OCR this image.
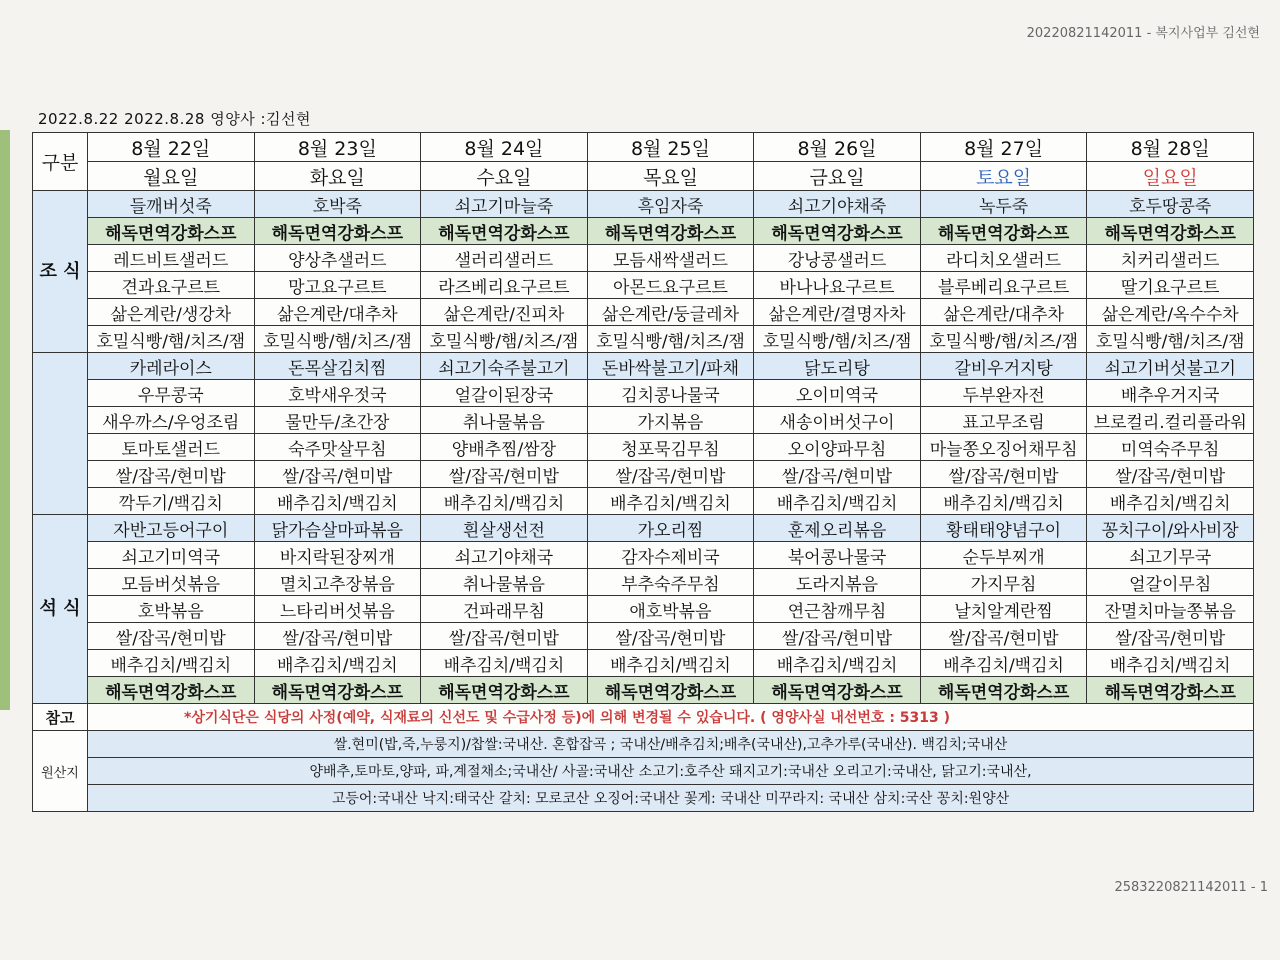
20220821142011 - 복지사업부 김선현
2022.8.22 2022.8.28 영양사 :김선현
구분	8월 22일	8월 23일	8월 24일	8월 25일	8월 26일	8월 27일	8월 28일
	월요일	화요일	수요일	목요일	금요일	토요일	일요일
조 식	들깨버섯죽	호박죽	쇠고기마늘죽	흑임자죽	쇠고기야채죽	녹두죽	호두땅콩죽
	해독면역강화스프	해독면역강화스프	해독면역강화스프	해독면역강화스프	해독면역강화스프	해독면역강화스프	해독면역강화스프
	레드비트샐러드	양상추샐러드	샐러리샐러드	모듬새싹샐러드	강낭콩샐러드	라디치오샐러드	치커리샐러드
	견과요구르트	망고요구르트	라즈베리요구르트	아몬드요구르트	바나나요구르트	블루베리요구르트	딸기요구르트
	삶은계란/생강차	삶은계란/대추차	삶은계란/진피차	삶은계란/둥글레차	삶은계란/결명자차	삶은계란/대추차	삶은계란/옥수수차
	호밀식빵/햄/치즈/잼	호밀식빵/햄/치즈/잼	호밀식빵/햄/치즈/잼	호밀식빵/햄/치즈/잼	호밀식빵/햄/치즈/잼	호밀식빵/햄/치즈/잼	호밀식빵/햄/치즈/잼
	카레라이스	돈목살김치찜	쇠고기숙주불고기	돈바싹불고기/파채	닭도리탕	갈비우거지탕	쇠고기버섯불고기
	우무콩국	호박새우젓국	얼갈이된장국	김치콩나물국	오이미역국	두부완자전	배추우거지국
	새우까스/우엉조림	물만두/초간장	취나물볶음	가지볶음	새송이버섯구이	표고무조림	브로컬리.컬리플라워
	토마토샐러드	숙주맛살무침	양배추찜/쌈장	청포묵김무침	오이양파무침	마늘쫑오징어채무침	미역숙주무침
	쌀/잡곡/현미밥	쌀/잡곡/현미밥	쌀/잡곡/현미밥	쌀/잡곡/현미밥	쌀/잡곡/현미밥	쌀/잡곡/현미밥	쌀/잡곡/현미밥
	깍두기/백김치	배추김치/백김치	배추김치/백김치	배추김치/백김치	배추김치/백김치	배추김치/백김치	배추김치/백김치
석 식	자반고등어구이	닭가슴살마파볶음	흰살생선전	가오리찜	훈제오리볶음	황태태양념구이	꽁치구이/와사비장
	쇠고기미역국	바지락된장찌개	쇠고기야채국	감자수제비국	북어콩나물국	순두부찌개	쇠고기무국
	모듬버섯볶음	멸치고추장볶음	취나물볶음	부추숙주무침	도라지볶음	가지무침	얼갈이무침
	호박볶음	느타리버섯볶음	건파래무침	애호박볶음	연근참깨무침	날치알계란찜	잔멸치마늘쫑볶음
	쌀/잡곡/현미밥	쌀/잡곡/현미밥	쌀/잡곡/현미밥	쌀/잡곡/현미밥	쌀/잡곡/현미밥	쌀/잡곡/현미밥	쌀/잡곡/현미밥
	배추김치/백김치	배추김치/백김치	배추김치/백김치	배추김치/백김치	배추김치/백김치	배추김치/백김치	배추김치/백김치
	해독면역강화스프	해독면역강화스프	해독면역강화스프	해독면역강화스프	해독면역강화스프	해독면역강화스프	해독면역강화스프
참고	*상기식단은 식당의 사정(예약, 식재료의 신선도 및 수급사정 등)에 의해 변경될 수 있습니다. ( 영양사실 내선번호 : 5313 )						
원산지	쌀.현미(밥,죽,누룽지)/찹쌀:국내산. 혼합잡곡 ; 국내산/배추김치;배추(국내산),고추가루(국내산). 백김치;국내산						
	양배추,토마토,양파, 파,계절채소;국내산/ 사골:국내산 소고기:호주산 돼지고기:국내산 오리고기:국내산, 닭고기:국내산,						
	고등어:국내산 낙지:태국산 갈치: 모로코산 오징어:국내산 꽃게: 국내산 미꾸라지: 국내산 삼치:국산 꽁치:원양산						
2583220821142011 - 1
